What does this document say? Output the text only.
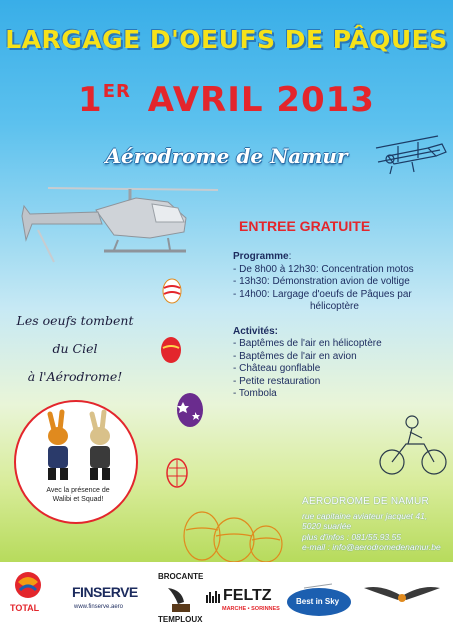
LARGAGE D'OEUFS DE PÂQUES
1ER AVRIL 2013
Aérodrome de Namur
ENTREE GRATUITE
Programme:
- De 8h00 à 12h30: Concentration motos
- 13h30: Démonstration avion de voltige
- 14h00: Largage d'oeufs de Pâques par
hélicoptère
Activités:
- Baptêmes de l'air en hélicoptère
- Baptêmes de l'air en avion
- Château gonflable
- Petite restauration
- Tombola
Les oeufs tombent
du Ciel
à l'Aérodrome!
Avec la présence de
Walibi et Squad!	AERODROME DE NAMUR
rue capitaine aviateur jacquet 41,
5020 suarlée
plus d'infos : 081/55.93.55
e-mail : info@aerodromedenamur.be
TOTAL
FINSERVE
www.finserve.aero
BROCANTE
TEMPLOUX
FELTZ
MARCHE • SORINNES
Best in Sky
